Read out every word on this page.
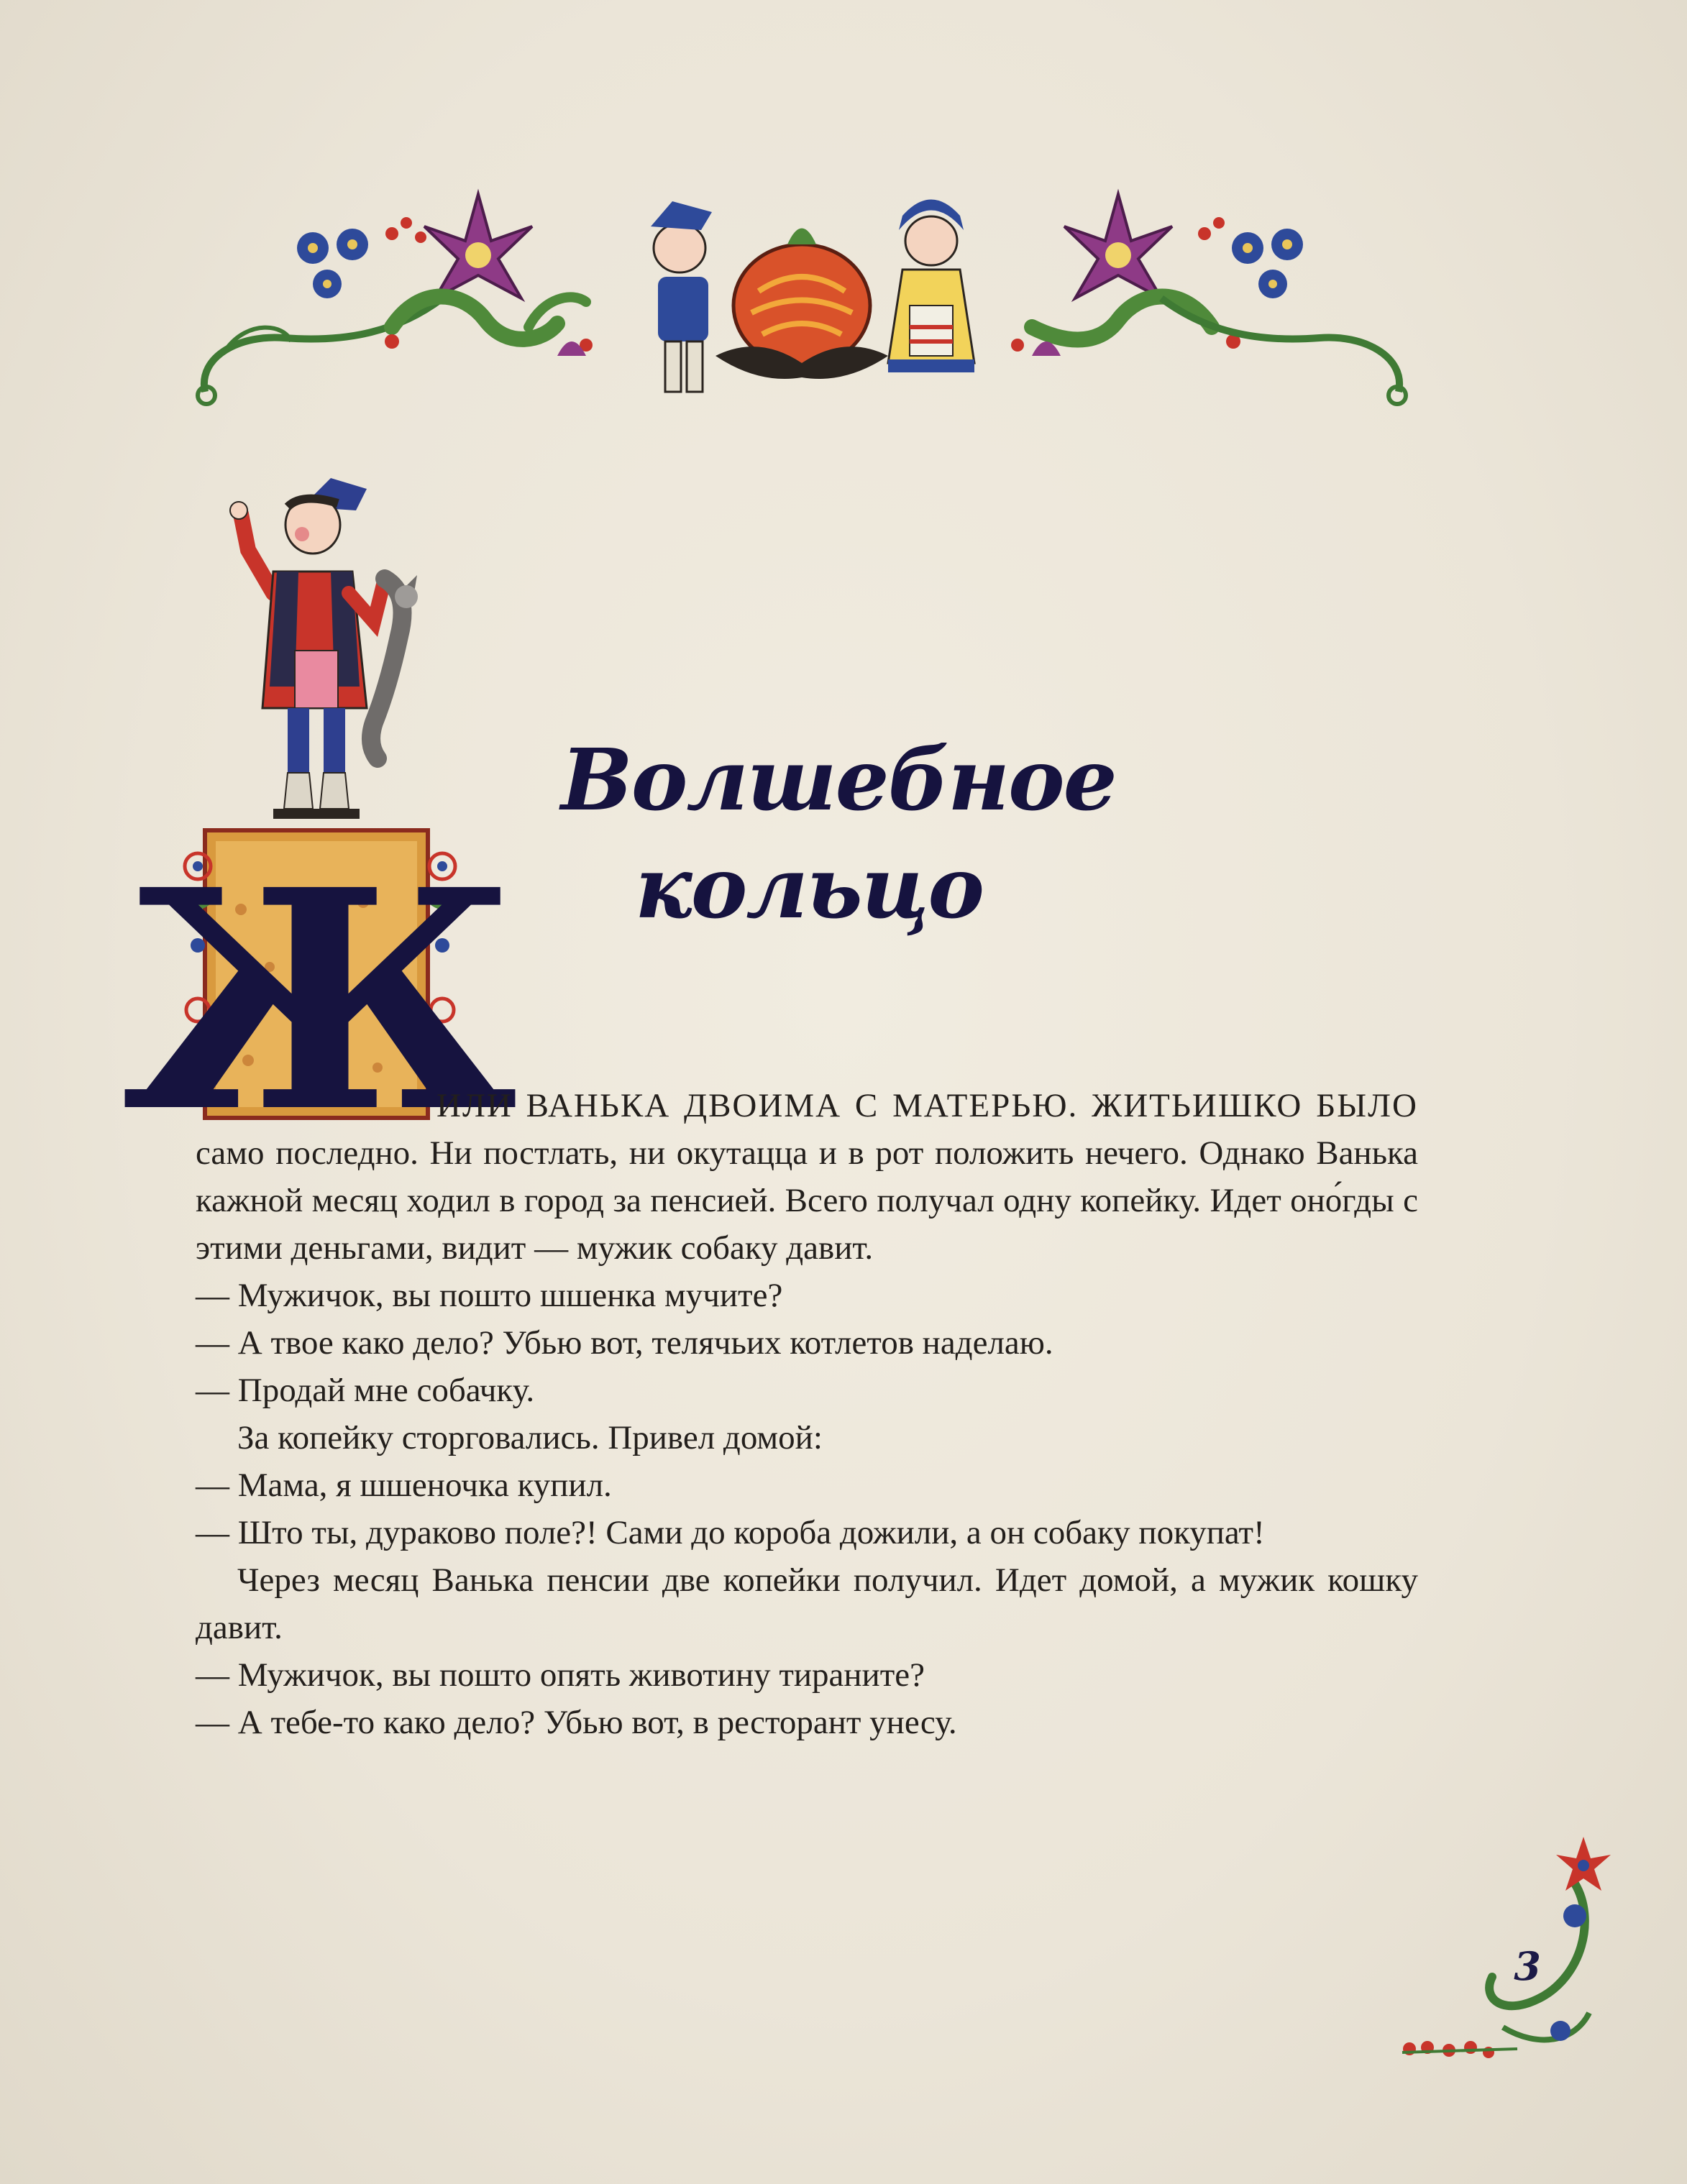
Ж
Волшебное
кольцо

ИЛИ ВАНЬКА ДВОИМА С МАТЕРЬЮ. ЖИТЬИШКО БЫЛО само последно. Ни постлать, ни окутацца и в рот положить нечего. Однако Ванька кажной месяц ходил в город за пенсией. Всего получал одну копейку. Идет оно́гды с этими деньгами, видит — мужик собаку давит.

— Мужичок, вы пошто шшенка мучите?

— А твое како дело? Убью вот, телячьих котлетов наделаю.

— Продай мне собачку.

За копейку сторговались. Привел домой:

— Мама, я шшеночка купил.

— Што ты, дураково поле?! Сами до короба дожили, а он собаку покупат!

Через месяц Ванька пенсии две копейки получил. Идет домой, а мужик кошку давит.

— Мужичок, вы пошто опять животину тираните?

— А тебе-то како дело? Убью вот, в ресторант унесу.

3
